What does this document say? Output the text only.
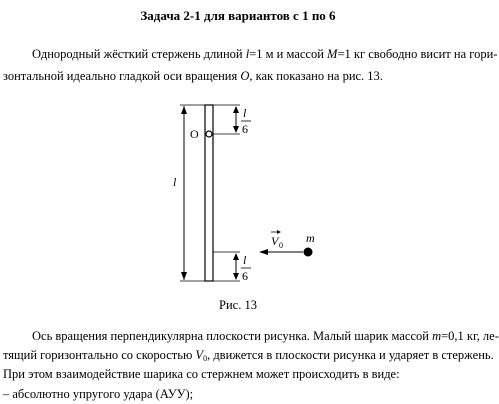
Задача 2-1 для вариантов с 1 по 6
Однородный жёсткий стержень длиной l=1 м и массой M=1 кг свободно висит на гори-
зонтальной идеально гладкой оси вращения O, как показано на рис. 13.
O
l
l
6
l
6
V 0
m
Рис. 13
Ось вращения перпендикулярна плоскости рисунка. Малый шарик массой m=0,1 кг, ле-
тящий горизонтально со скоростью $V_0$, движется в плоскости рисунка и ударяет в стержень.
При этом взаимодействие шарика со стержнем может происходить в виде:
– абсолютно упругого удара (АУУ);
